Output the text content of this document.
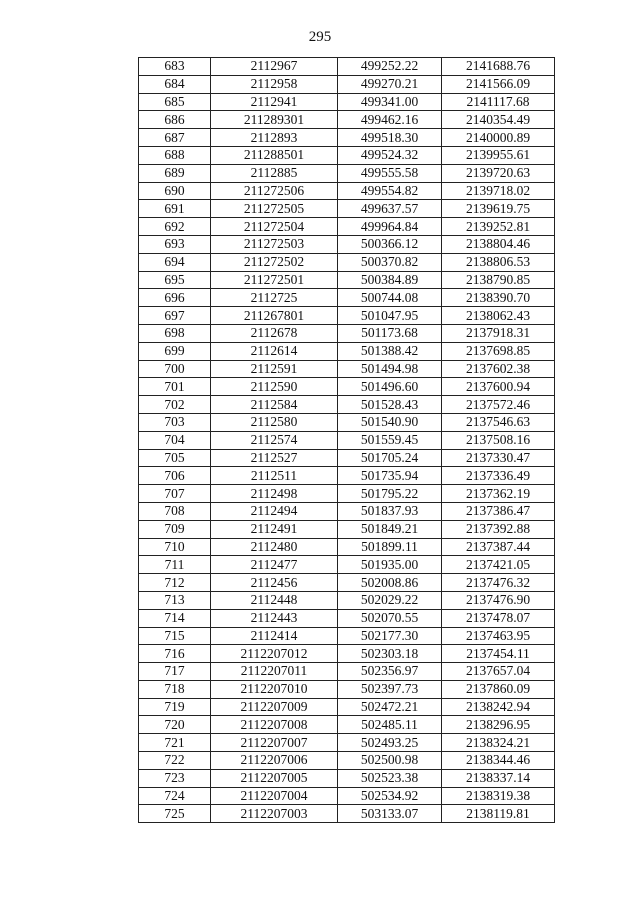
295
683	2112967	499252.22	2141688.76
684	2112958	499270.21	2141566.09
685	2112941	499341.00	2141117.68
686	211289301	499462.16	2140354.49
687	2112893	499518.30	2140000.89
688	211288501	499524.32	2139955.61
689	2112885	499555.58	2139720.63
690	211272506	499554.82	2139718.02
691	211272505	499637.57	2139619.75
692	211272504	499964.84	2139252.81
693	211272503	500366.12	2138804.46
694	211272502	500370.82	2138806.53
695	211272501	500384.89	2138790.85
696	2112725	500744.08	2138390.70
697	211267801	501047.95	2138062.43
698	2112678	501173.68	2137918.31
699	2112614	501388.42	2137698.85
700	2112591	501494.98	2137602.38
701	2112590	501496.60	2137600.94
702	2112584	501528.43	2137572.46
703	2112580	501540.90	2137546.63
704	2112574	501559.45	2137508.16
705	2112527	501705.24	2137330.47
706	2112511	501735.94	2137336.49
707	2112498	501795.22	2137362.19
708	2112494	501837.93	2137386.47
709	2112491	501849.21	2137392.88
710	2112480	501899.11	2137387.44
711	2112477	501935.00	2137421.05
712	2112456	502008.86	2137476.32
713	2112448	502029.22	2137476.90
714	2112443	502070.55	2137478.07
715	2112414	502177.30	2137463.95
716	2112207012	502303.18	2137454.11
717	2112207011	502356.97	2137657.04
718	2112207010	502397.73	2137860.09
719	2112207009	502472.21	2138242.94
720	2112207008	502485.11	2138296.95
721	2112207007	502493.25	2138324.21
722	2112207006	502500.98	2138344.46
723	2112207005	502523.38	2138337.14
724	2112207004	502534.92	2138319.38
725	2112207003	503133.07	2138119.81
